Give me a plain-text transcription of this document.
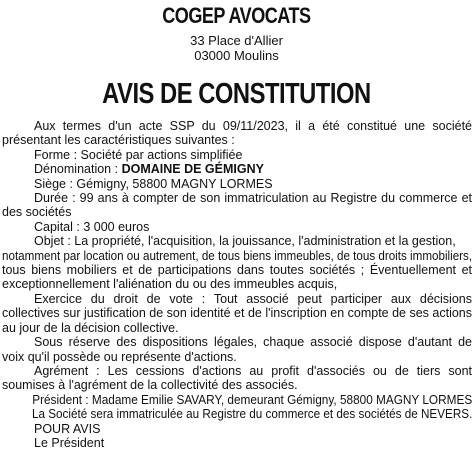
COGEP AVOCATS
33 Place d'Allier
03000 Moulins
AVIS DE CONSTITUTION

Aux termes d'un acte SSP du 09/11/2023, il a été constitué une société présentant les caractéristiques suivantes :

Forme : Société par actions simplifiée

Dénomination : DOMAINE DE GÉMIGNY

Siège : Gémigny, 58800 MAGNY LORMES

Durée : 99 ans à compter de son immatriculation au Registre du commerce et des sociétés

Capital : 3 000 euros

Objet : La propriété, l'acquisition, la jouissance, l'administration et la gestion,

notamment par location ou autrement, de tous biens immeubles, de tous droits immobiliers,

tous biens mobiliers et de participations dans toutes sociétés ; Éventuellement et exceptionnellement l'aliénation du ou des immeubles acquis,

Exercice du droit de vote : Tout associé peut participer aux décisions collectives sur justification de son identité et de l'inscription en compte de ses actions au jour de la décision collective.

Sous réserve des dispositions légales, chaque associé dispose d'autant de voix qu'il possède ou représente d'actions.

Agrément : Les cessions d'actions au profit d'associés ou de tiers sont soumises à l'agrément de la collectivité des associés.

Président : Madame Emilie SAVARY, demeurant Gémigny, 58800 MAGNY LORMES
La Société sera immatriculée au Registre du commerce et des sociétés de NEVERS.

POUR AVIS

Le Président
